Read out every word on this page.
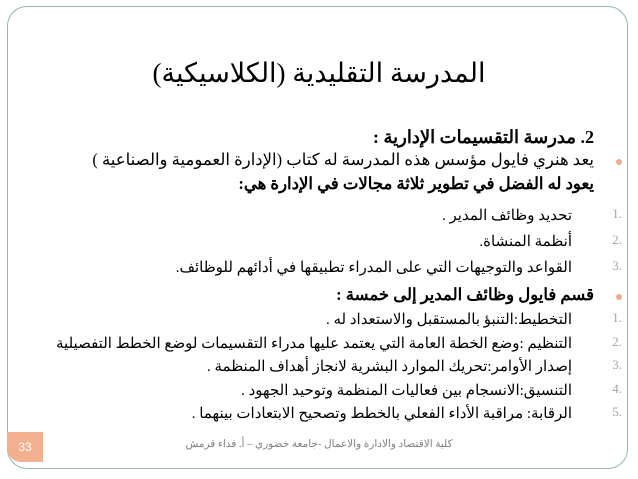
المدرسة التقليدية (الكلاسيكية)
2. مدرسة التقسيمات الإدارية :
يعد هنري فايول مؤسس هذه المدرسة له كتاب (الإدارة العمومية والصناعية )
يعود له الفضل في تطوير ثلاثة مجالات في الإدارة هي:
1.
تحديد وظائف المدير .
2.
أنظمة المنشاة.
3.
القواعد والتوجيهات التي على المدراء تطبيقها في أدائهم للوظائف.
قسم فايول وظائف المدير إلى خمسة :
1.
التخطيط:التنبؤ بالمستقبل والاستعداد له .
2.
التنظيم :وضع الخطة العامة التي يعتمد عليها مدراء التقسيمات لوضع الخطط التفصيلية
3.
إصدار الأوامر:تحريك الموارد البشرية لانجاز أهداف المنظمة .
4.
التنسيق:الانسجام بين فعاليات المنظمة وتوحيد الجهود .
5.
الرقابة: مراقبة الأداء الفعلي بالخطط وتصحيح الابتعادات بينهما .
كلية الاقتصاد والادارة والاعمال -جامعة خضوري – أ. فداء قرمش
33
